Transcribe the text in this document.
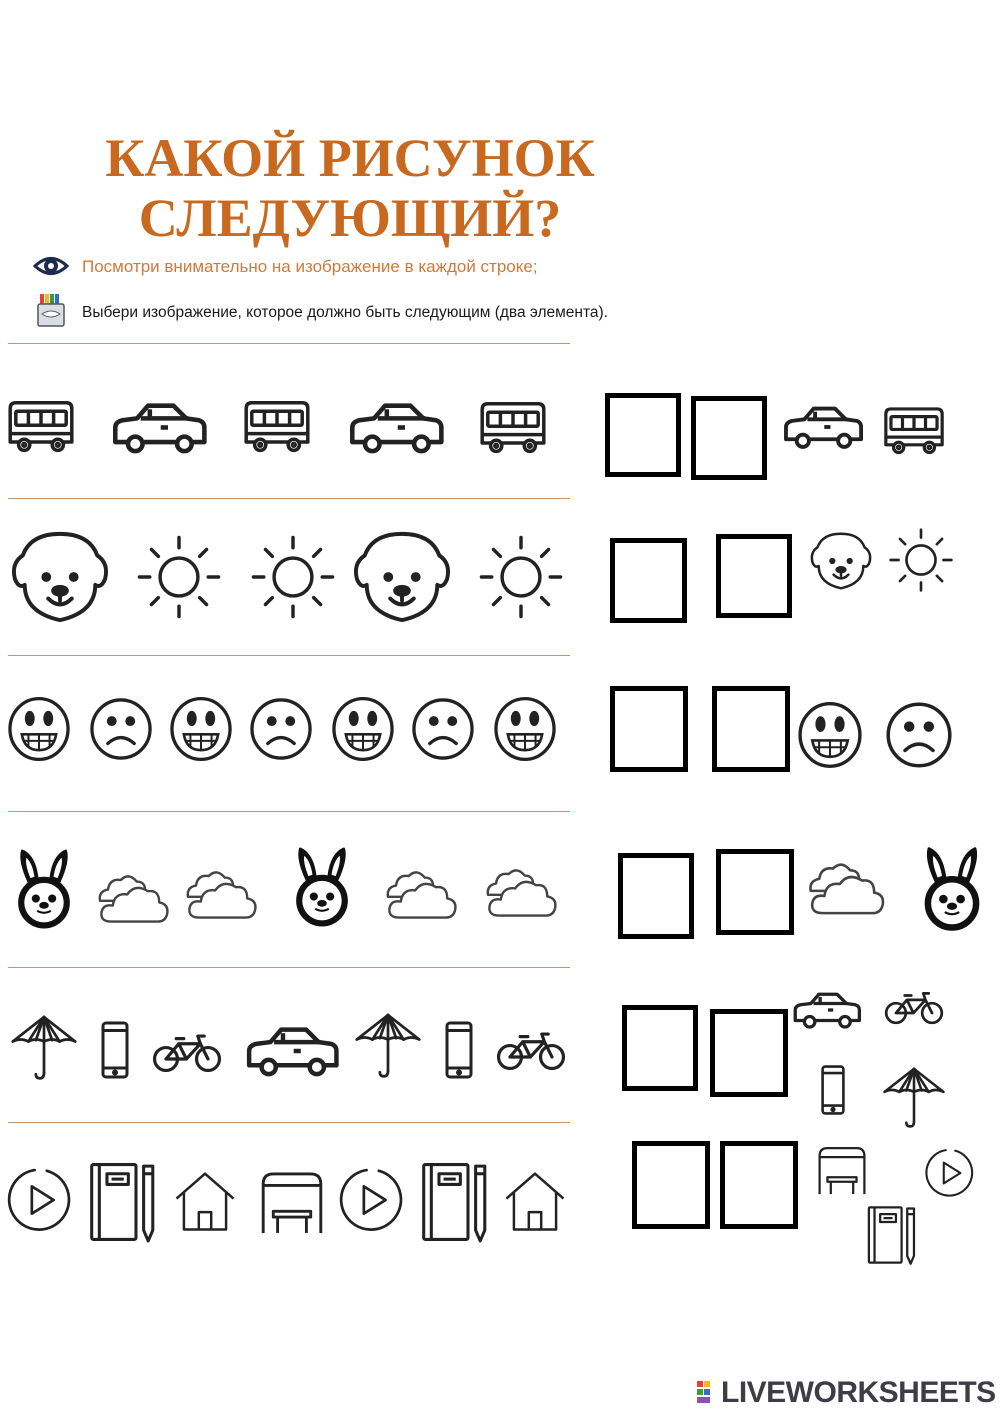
КАКОЙ РИСУНОК
СЛЕДУЮЩИЙ?
Посмотри внимательно на изображение в каждой строке;
Выбери изображение, которое должно быть следующим (два элемента).
LIVEWORKSHEETS
